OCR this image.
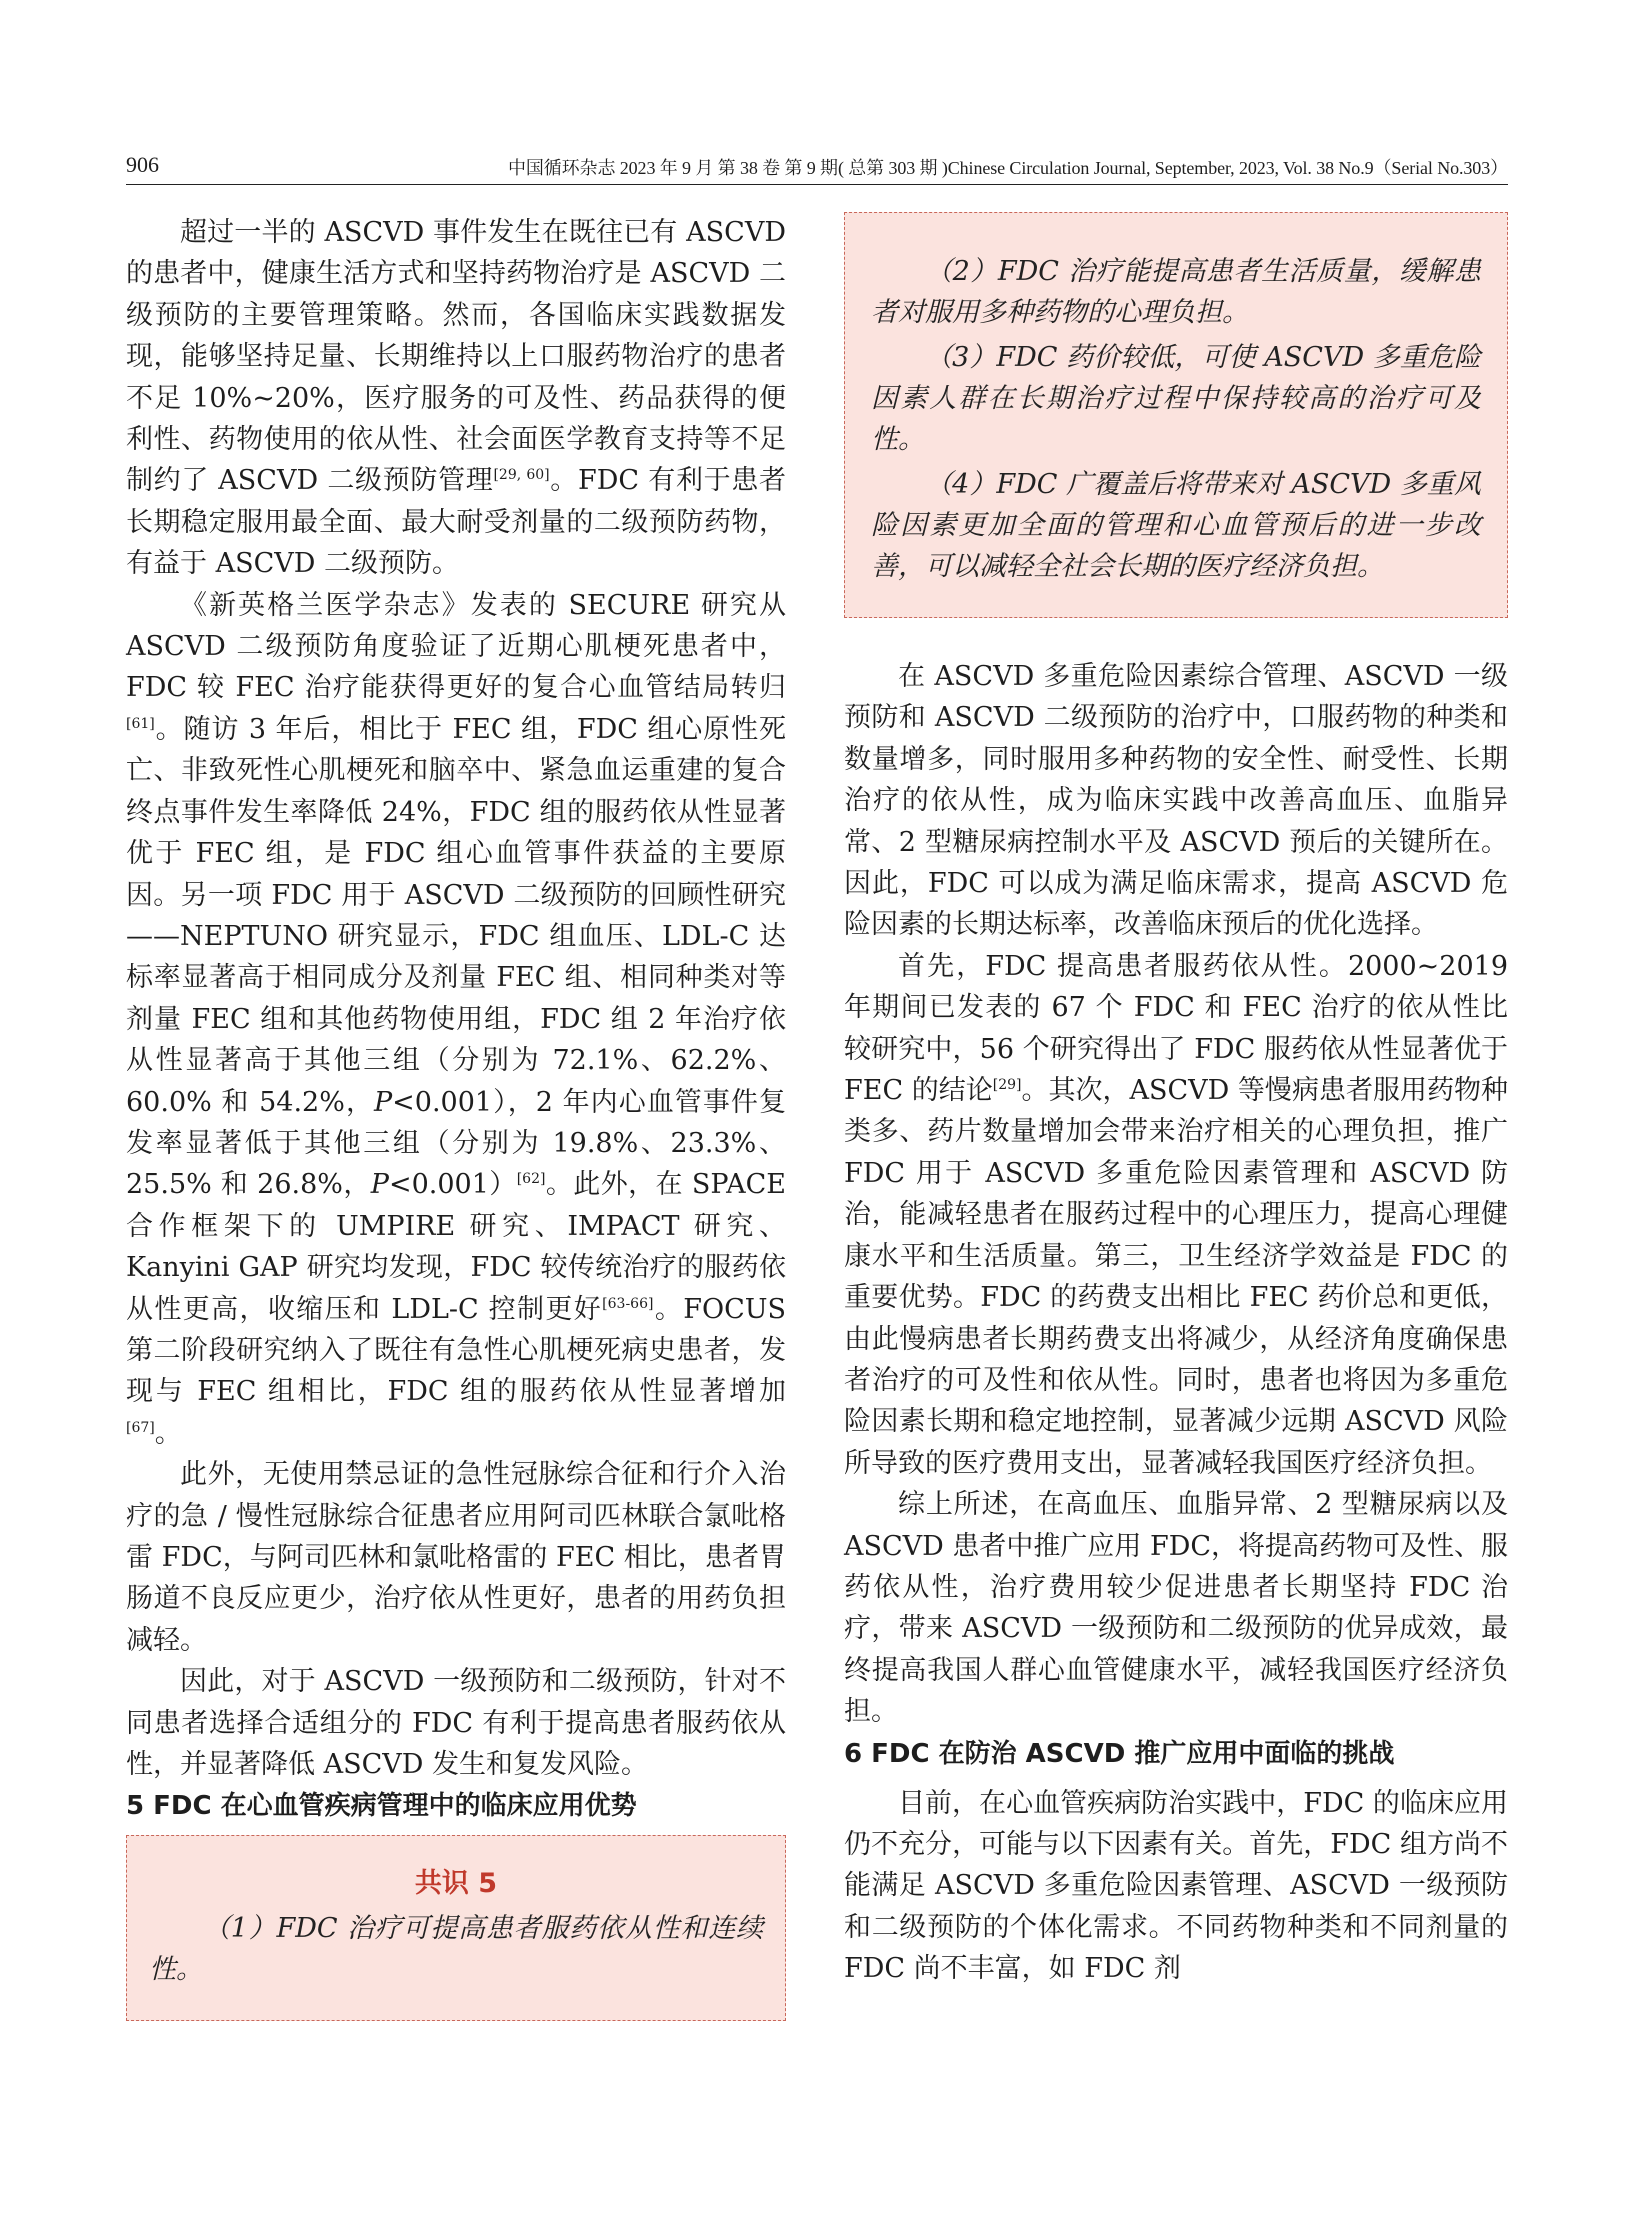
906	中国循环杂志 2023 年 9 月 第 38 卷 第 9 期( 总第 303 期 )Chinese Circulation Journal, September, 2023, Vol. 38 No.9（Serial No.303）

超过一半的 ASCVD 事件发生在既往已有 ASCVD 的患者中，健康生活方式和坚持药物治疗是 ASCVD 二级预防的主要管理策略。然而，各国临床实践数据发现，能够坚持足量、长期维持以上口服药物治疗的患者不足 10%~20%，医疗服务的可及性、药品获得的便利性、药物使用的依从性、社会面医学教育支持等不足制约了 ASCVD 二级预防管理[29, 60]。FDC 有利于患者长期稳定服用最全面、最大耐受剂量的二级预防药物，有益于 ASCVD 二级预防。

《新英格兰医学杂志》发表的 SECURE 研究从 ASCVD 二级预防角度验证了近期心肌梗死患者中，FDC 较 FEC 治疗能获得更好的复合心血管结局转归[61]。随访 3 年后，相比于 FEC 组，FDC 组心原性死亡、非致死性心肌梗死和脑卒中、紧急血运重建的复合终点事件发生率降低 24%，FDC 组的服药依从性显著优于 FEC 组，是 FDC 组心血管事件获益的主要原因。另一项 FDC 用于 ASCVD 二级预防的回顾性研究——NEPTUNO 研究显示，FDC 组血压、LDL-C 达标率显著高于相同成分及剂量 FEC 组、相同种类对等剂量 FEC 组和其他药物使用组，FDC 组 2 年治疗依从性显著高于其他三组（分别为 72.1%、62.2%、60.0% 和 54.2%，P<0.001），2 年内心血管事件复发率显著低于其他三组（分别为 19.8%、23.3%、25.5% 和 26.8%，P<0.001）[62]。此外，在 SPACE 合作框架下的 UMPIRE 研究、IMPACT 研究、Kanyini GAP 研究均发现，FDC 较传统治疗的服药依从性更高，收缩压和 LDL-C 控制更好[63-66]。FOCUS 第二阶段研究纳入了既往有急性心肌梗死病史患者，发现与 FEC 组相比，FDC 组的服药依从性显著增加[67]。

此外，无使用禁忌证的急性冠脉综合征和行介入治疗的急 / 慢性冠脉综合征患者应用阿司匹林联合氯吡格雷 FDC，与阿司匹林和氯吡格雷的 FEC 相比，患者胃肠道不良反应更少，治疗依从性更好，患者的用药负担减轻。

因此，对于 ASCVD 一级预防和二级预防，针对不同患者选择合适组分的 FDC 有利于提高患者服药依从性，并显著降低 ASCVD 发生和复发风险。

5 FDC 在心血管疾病管理中的临床应用优势
共识 5

（1）FDC 治疗可提高患者服药依从性和连续性。

（2）FDC 治疗能提高患者生活质量，缓解患者对服用多种药物的心理负担。

（3）FDC 药价较低，可使 ASCVD 多重危险因素人群在长期治疗过程中保持较高的治疗可及性。

（4）FDC 广覆盖后将带来对 ASCVD 多重风险因素更加全面的管理和心血管预后的进一步改善，可以减轻全社会长期的医疗经济负担。

在 ASCVD 多重危险因素综合管理、ASCVD 一级预防和 ASCVD 二级预防的治疗中，口服药物的种类和数量增多，同时服用多种药物的安全性、耐受性、长期治疗的依从性，成为临床实践中改善高血压、血脂异常、2 型糖尿病控制水平及 ASCVD 预后的关键所在。因此，FDC 可以成为满足临床需求，提高 ASCVD 危险因素的长期达标率，改善临床预后的优化选择。

首先，FDC 提高患者服药依从性。2000~2019 年期间已发表的 67 个 FDC 和 FEC 治疗的依从性比较研究中，56 个研究得出了 FDC 服药依从性显著优于 FEC 的结论[29]。其次，ASCVD 等慢病患者服用药物种类多、药片数量增加会带来治疗相关的心理负担，推广 FDC 用于 ASCVD 多重危险因素管理和 ASCVD 防治，能减轻患者在服药过程中的心理压力，提高心理健康水平和生活质量。第三，卫生经济学效益是 FDC 的重要优势。FDC 的药费支出相比 FEC 药价总和更低，由此慢病患者长期药费支出将减少，从经济角度确保患者治疗的可及性和依从性。同时，患者也将因为多重危险因素长期和稳定地控制，显著减少远期 ASCVD 风险所导致的医疗费用支出，显著减轻我国医疗经济负担。

综上所述，在高血压、血脂异常、2 型糖尿病以及 ASCVD 患者中推广应用 FDC，将提高药物可及性、服药依从性，治疗费用较少促进患者长期坚持 FDC 治疗，带来 ASCVD 一级预防和二级预防的优异成效，最终提高我国人群心血管健康水平，减轻我国医疗经济负担。

6 FDC 在防治 ASCVD 推广应用中面临的挑战

目前，在心血管疾病防治实践中，FDC 的临床应用仍不充分，可能与以下因素有关。首先，FDC 组方尚不能满足 ASCVD 多重危险因素管理、ASCVD 一级预防和二级预防的个体化需求。不同药物种类和不同剂量的 FDC 尚不丰富，如 FDC 剂
